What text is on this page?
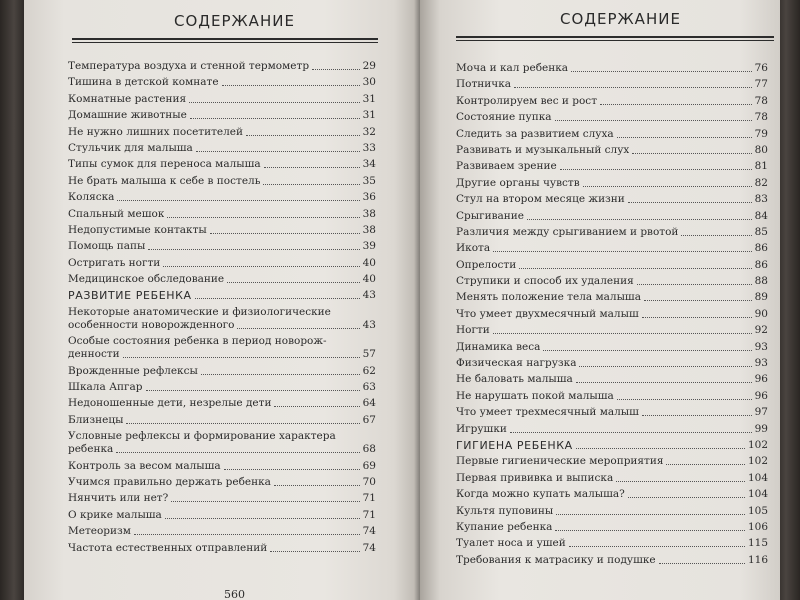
СОДЕРЖАНИЕ
Температура воздуха и стенной термометр	29
Тишина в детской комнате	30
Комнатные растения	31
Домашние животные	31
Не нужно лишних посетителей	32
Стульчик для малыша	33
Типы сумок для переноса малыша	34
Не брать малыша к себе в постель	35
Коляска	36
Спальный мешок	38
Недопустимые контакты	38
Помощь папы	39
Остригать ногти	40
Медицинское обследование	40
РАЗВИТИЕ РЕБЕНКА	43
Некоторые анатомические и физиологические
особенности новорожденного	43
Особые состояния ребенка в период новорож-
денности	57
Врожденные рефлексы	62
Шкала Апгар	63
Недоношенные дети, незрелые дети	64
Близнецы	67
Условные рефлексы и формирование характера
ребенка	68
Контроль за весом малыша	69
Учимся правильно держать ребенка	70
Нянчить или нет?	71
О крике малыша	71
Метеоризм	74
Частота естественных отправлений	74
560
СОДЕРЖАНИЕ
Моча и кал ребенка	76
Потничка	77
Контролируем вес и рост	78
Состояние пупка	78
Следить за развитием слуха	79
Развивать и музыкальный слух	80
Развиваем зрение	81
Другие органы чувств	82
Стул на втором месяце жизни	83
Срыгивание	84
Различия между срыгиванием и рвотой	85
Икота	86
Опрелости	86
Струпики и способ их удаления	88
Менять положение тела малыша	89
Что умеет двухмесячный малыш	90
Ногти	92
Динамика веса	93
Физическая нагрузка	93
Не баловать малыша	96
Не нарушать покой малыша	96
Что умеет трехмесячный малыш	97
Игрушки	99
ГИГИЕНА РЕБЕНКА	102
Первые гигиенические мероприятия	102
Первая прививка и выписка	104
Когда можно купать малыша?	104
Культя пуповины	105
Купание ребенка	106
Туалет носа и ушей	115
Требования к матрасику и подушке	116
